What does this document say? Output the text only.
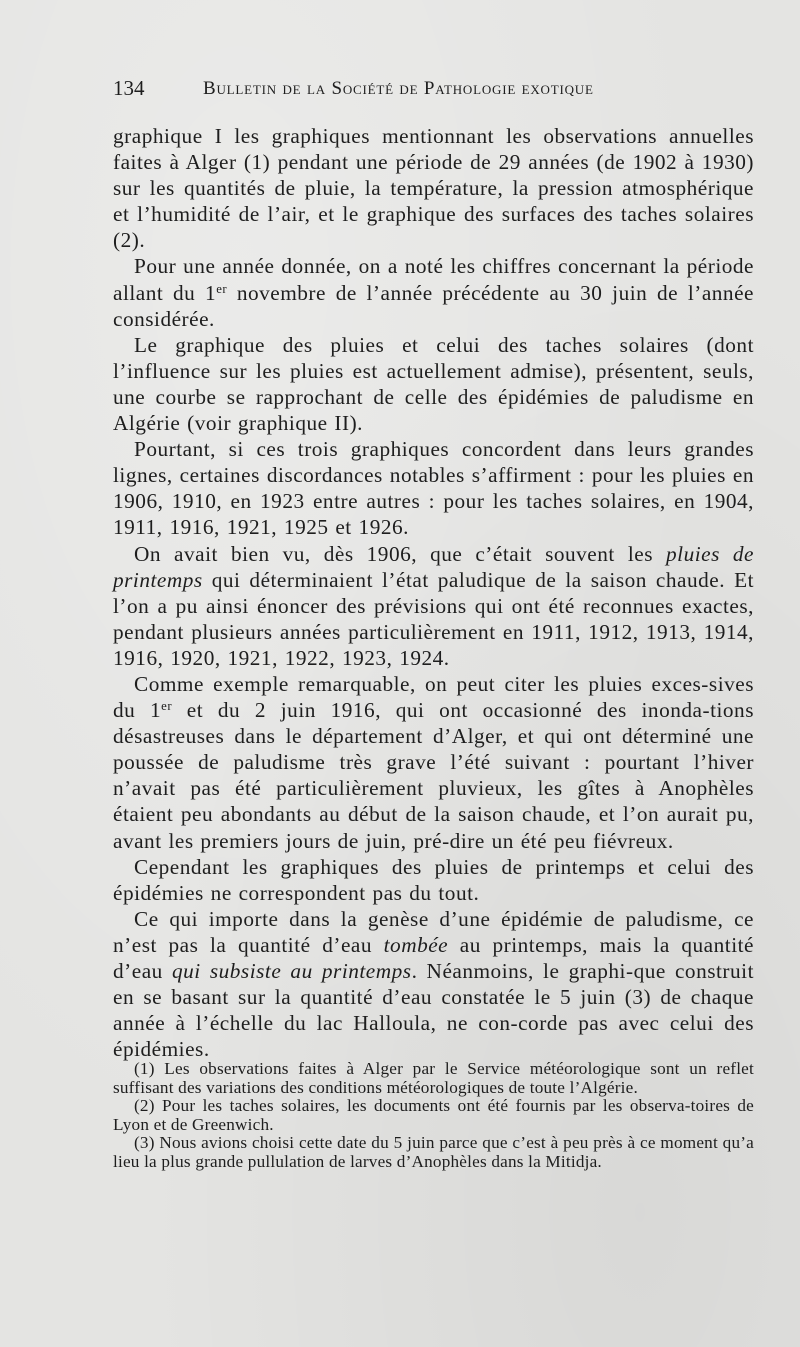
134	Bulletin de la Société de Pathologie exotique

graphique I les graphiques mentionnant les observations annuelles faites à Alger (1) pendant une période de 29 années (de 1902 à 1930) sur les quantités de pluie, la température, la pression atmosphérique et l’humidité de l’air, et le graphique des surfaces des taches solaires (2).

Pour une année donnée, on a noté les chiffres concernant la période allant du 1er novembre de l’année précédente au 30 juin de l’année considérée.

Le graphique des pluies et celui des taches solaires (dont l’influence sur les pluies est actuellement admise), présentent, seuls, une courbe se rapprochant de celle des épidémies de paludisme en Algérie (voir graphique II).

Pourtant, si ces trois graphiques concordent dans leurs grandes lignes, certaines discordances notables s’affirment : pour les pluies en 1906, 1910, en 1923 entre autres : pour les taches solaires, en 1904, 1911, 1916, 1921, 1925 et 1926.

On avait bien vu, dès 1906, que c’était souvent les pluies de printemps qui déterminaient l’état paludique de la saison chaude. Et l’on a pu ainsi énoncer des prévisions qui ont été reconnues exactes, pendant plusieurs années particulièrement en 1911, 1912, 1913, 1914, 1916, 1920, 1921, 1922, 1923, 1924.

Comme exemple remarquable, on peut citer les pluies exces-sives du 1er et du 2 juin 1916, qui ont occasionné des inonda-tions désastreuses dans le département d’Alger, et qui ont déterminé une poussée de paludisme très grave l’été suivant : pourtant l’hiver n’avait pas été particulièrement pluvieux, les gîtes à Anophèles étaient peu abondants au début de la saison chaude, et l’on aurait pu, avant les premiers jours de juin, pré-dire un été peu fiévreux.

Cependant les graphiques des pluies de printemps et celui des épidémies ne correspondent pas du tout.

Ce qui importe dans la genèse d’une épidémie de paludisme, ce n’est pas la quantité d’eau tombée au printemps, mais la quantité d’eau qui subsiste au printemps. Néanmoins, le graphi-que construit en se basant sur la quantité d’eau constatée le 5 juin (3) de chaque année à l’échelle du lac Halloula, ne con-corde pas avec celui des épidémies.

(1) Les observations faites à Alger par le Service météorologique sont un reflet suffisant des variations des conditions météorologiques de toute l’Algérie.

(2) Pour les taches solaires, les documents ont été fournis par les observa-toires de Lyon et de Greenwich.

(3) Nous avions choisi cette date du 5 juin parce que c’est à peu près à ce moment qu’a lieu la plus grande pullulation de larves d’Anophèles dans la Mitidja.
